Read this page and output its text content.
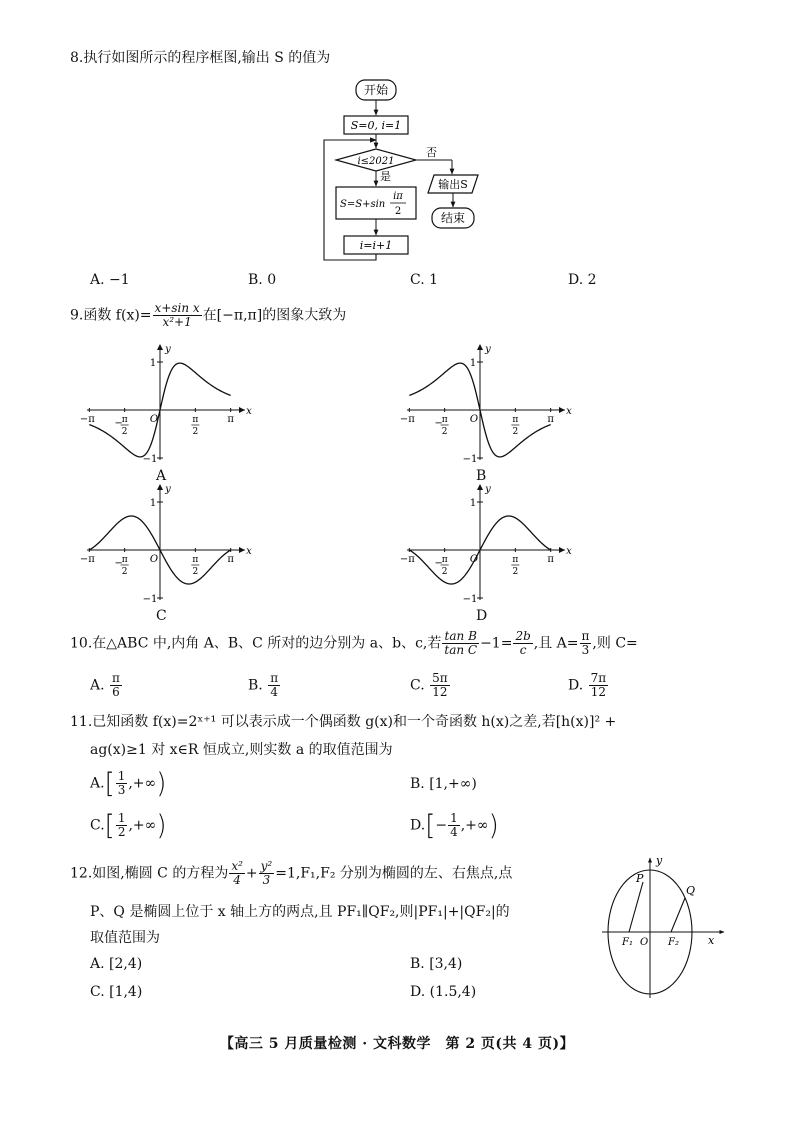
8.执行如图所示的程序框图,输出 S 的值为
开始
S=0, i=1
i≤2021
否
输出S
结束
是
S=S+sin
iπ
2
i=i+1
A. −1	B. 0	C. 1	D. 2
9.函数 $f(x)= \frac{\text{x+sin x}}{\text{x²+1}}$ 在[−π,π]的图象大致为
y
x
O
1
−1
−π	π
−
π
2
π
2
A
y
x
O
1
−1
−π	π
−
π
2
π
2
B
y
x
O
1
−1
−π	π
−
π
2
π
2
C
y
x
O
1
−1
−π	π
−
π
2
π
2
D
10.在△ABC 中,内角 A、B、C 所对的边分别为 a、b、c,若 $\frac{\text{tan B}}{\text{tan C}} -1= \frac{2b}{c}$ ,且 $A= \frac{\pi}{3}$ ,则 C=
A. $\frac{\pi}{6}$	B. $\frac{\pi}{4}$	C. $\frac{5\pi}{12}$	D. $\frac{7\pi}{12}$
11.已知函数 f(x)=2ˣ⁺¹ 可以表示成一个偶函数 g(x)和一个奇函数 h(x)之差,若[h(x)]² +
ag(x)≥1 对 x∈R 恒成立,则实数 a 的取值范围为
$A.[ \frac{1}{3}$ ,+∞)	B. [1,+∞)
$C.[ \frac{1}{2}$ ,+∞)	$D.[- \frac{1}{4}$ ,+∞)
12.如图,椭圆 C 的方程为 $\frac{\text{x²}}{4} + \frac{\text{y²}}{3} =1,F_1,F_2$ 分别为椭圆的左、右焦点,点
P、Q 是椭圆上位于 x 轴上方的两点,且 PF₁∥QF₂,则|PF₁|+|QF₂|的
取值范围为
A. [2,4)	B. [3,4)
C. [1,4)	D. (1.5,4)
y
x
P
Q
F₁ O F₂
【高三 5 月质量检测 · 文科数学　第 2 页(共 4 页)】
